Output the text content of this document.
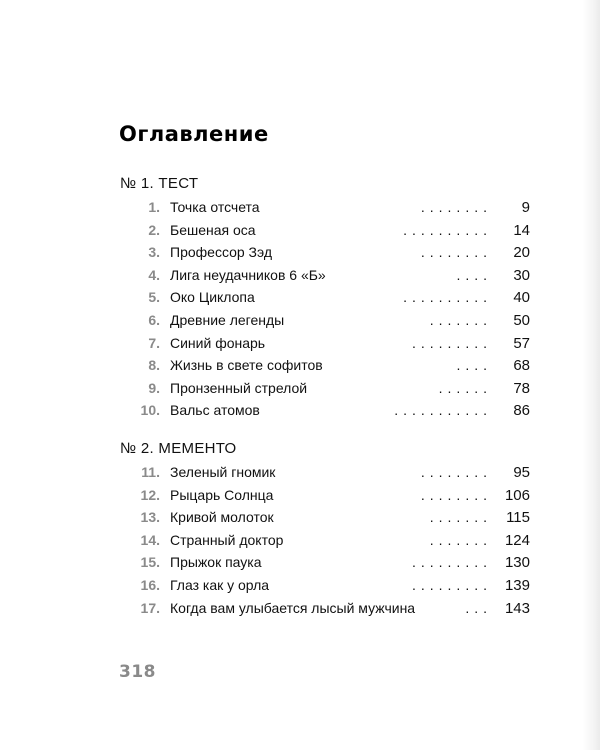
Оглавление
№ 1. ТЕСТ
1. Точка отсчета	........ 9
2. Бешеная оса	.......... 14
3. Профессор Зэд	........ 20
4. Лига неудачников 6 «Б»	.... 30
5. Око Циклопа	.......... 40
6. Древние легенды	....... 50
7. Синий фонарь	......... 57
8. Жизнь в свете софитов	.... 68
9. Пронзенный стрелой	...... 78
10. Вальс атомов	........... 86
№ 2. МЕМЕНТО
11. Зеленый гномик	........ 95
12. Рыцарь Солнца	........ 106
13. Кривой молоток	....... 115
14. Странный доктор	....... 124
15. Прыжок паука	......... 130
16. Глаз как у орла	......... 139
17. Когда вам улыбается лысый мужчина	... 143
318
